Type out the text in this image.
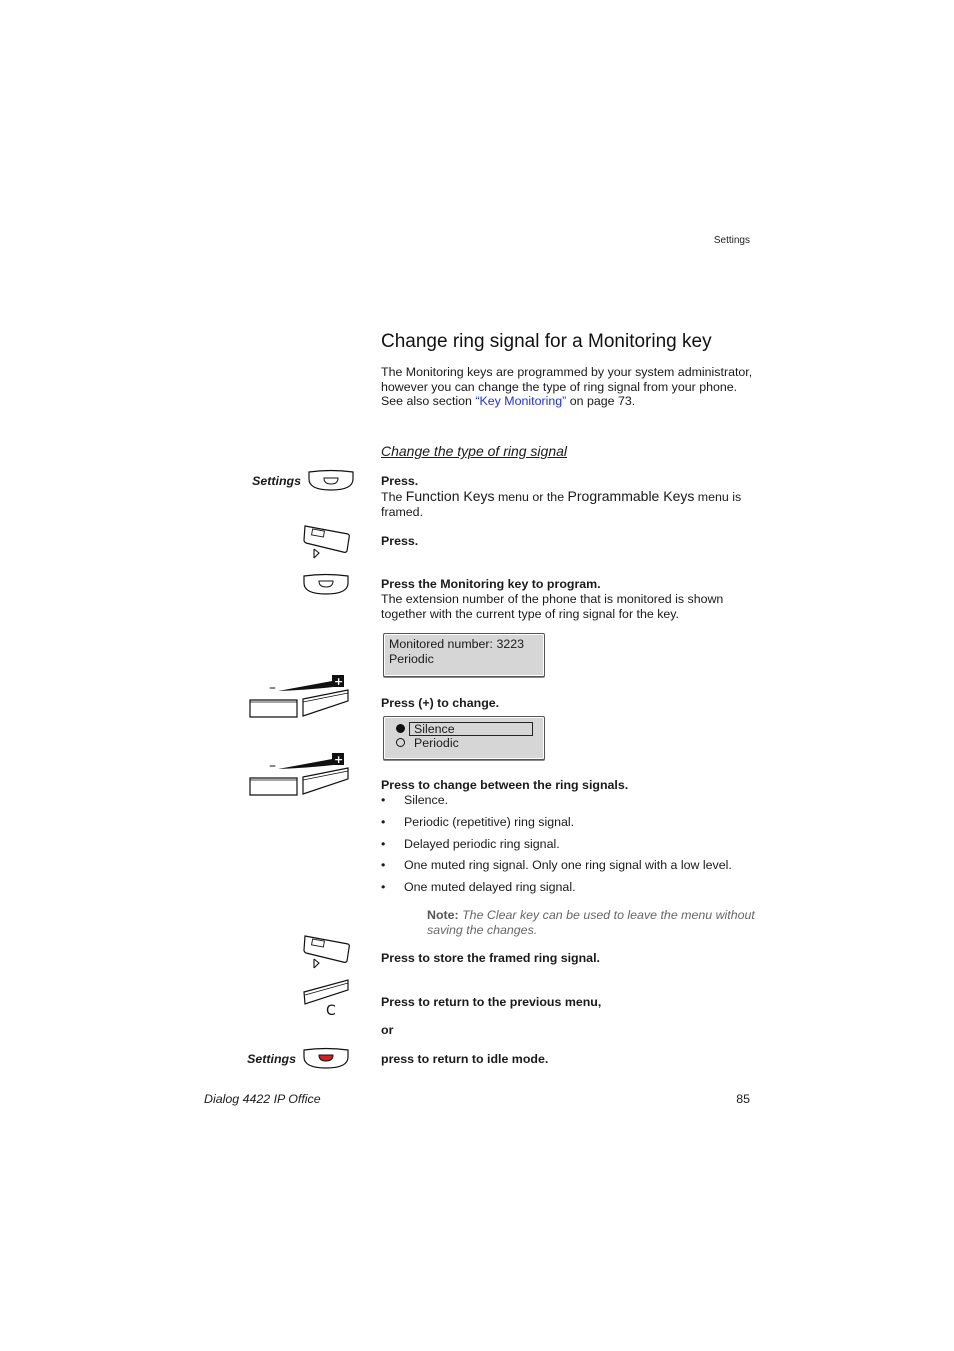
Settings
Change ring signal for a Monitoring key
The Monitoring keys are programmed by your system administrator, however you can change the type of ring signal from your phone. See also section “Key Monitoring” on page 73.
Change the type of ring signal
Settings	Press.
The Function Keys menu or the Programmable Keys menu is framed.
Press.
Press the Monitoring key to program.
The extension number of the phone that is monitored is shown together with the current type of ring signal for the key.
Monitored number: 3223
Periodic
–	+
Press (+) to change.
Silence
Periodic
–	+
Press to change between the ring signals.
• Silence.
• Periodic (repetitive) ring signal.
• Delayed periodic ring signal.
• One muted ring signal. Only one ring signal with a low level.
• One muted delayed ring signal.
Note: The Clear key can be used to leave the menu without saving the changes.
Press to store the framed ring signal.
C
Press to return to the previous menu,
or
Settings	press to return to idle mode.
Dialog 4422 IP Office	85
